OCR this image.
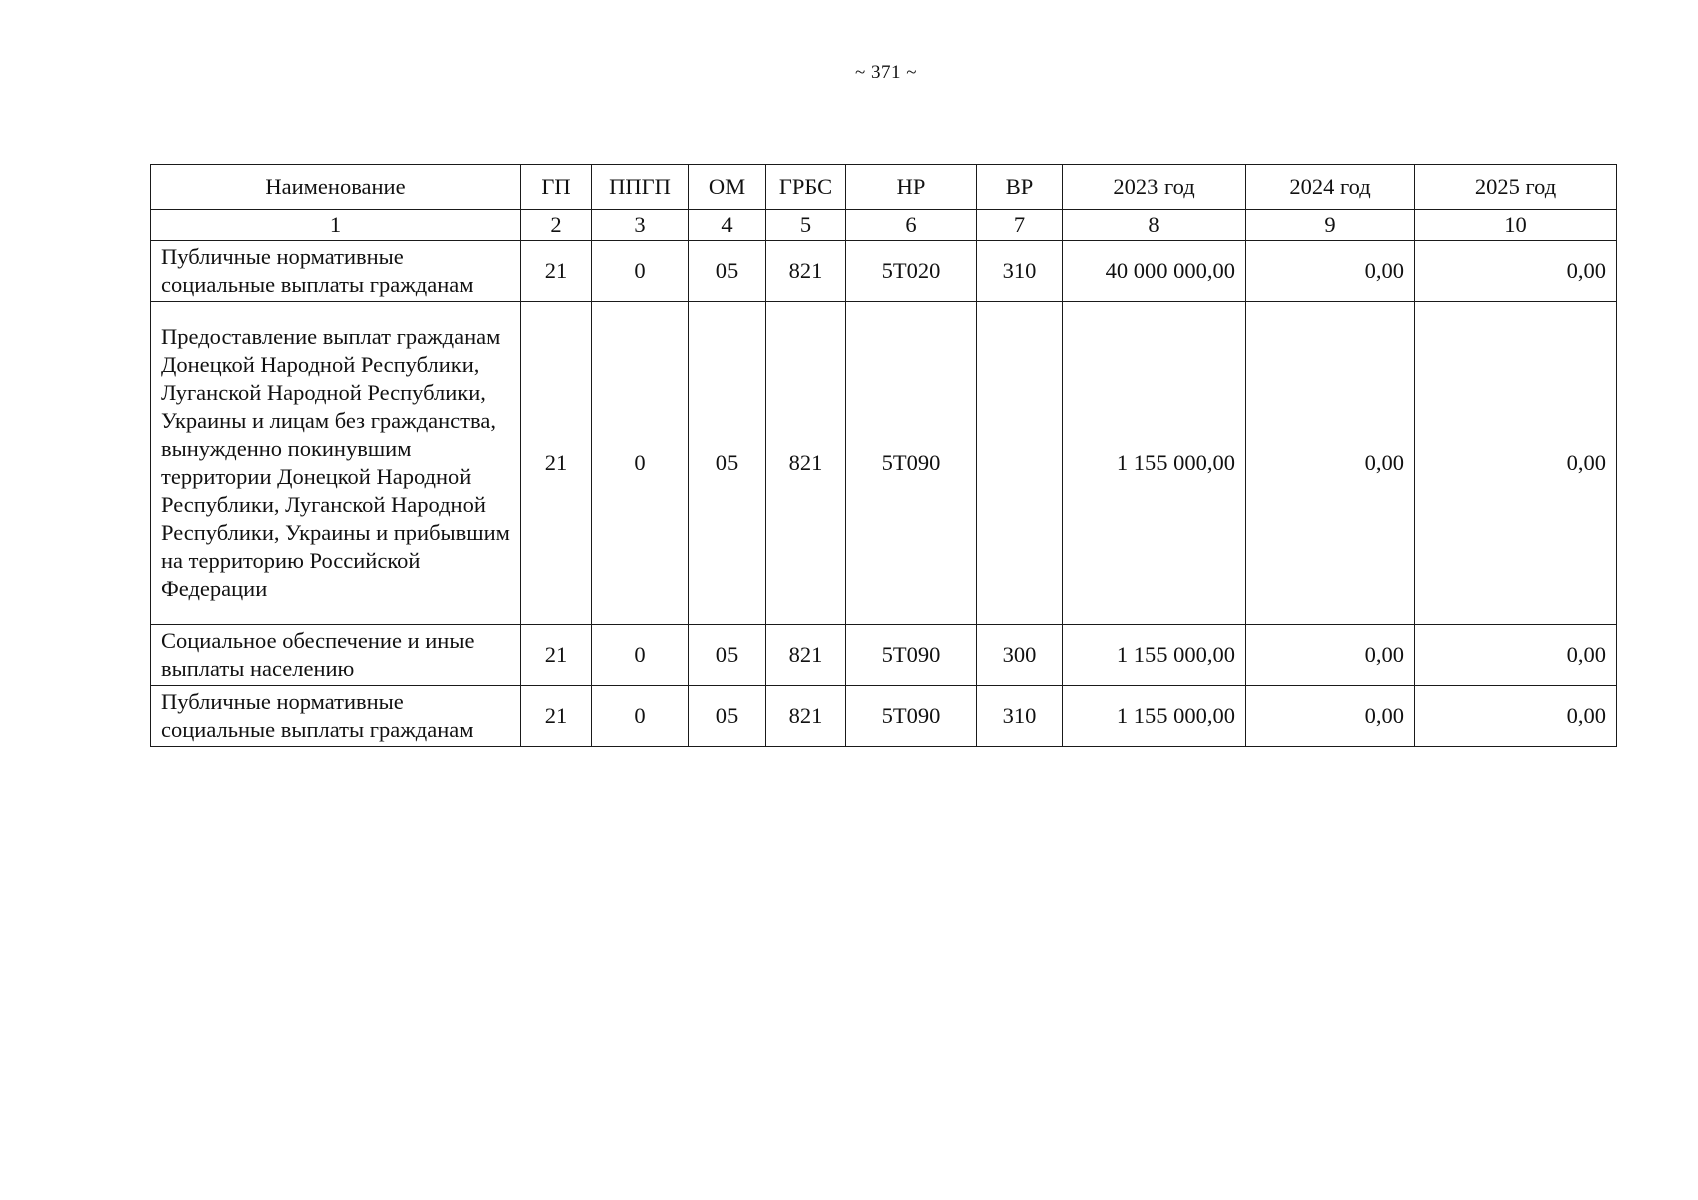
~ 371 ~
Наименование	ГП	ППГП	ОМ	ГРБС	НР	ВР	2023 год	2024 год	2025 год
1	2	3	4	5	6	7	8	9	10
Публичные нормативные социальные выплаты гражданам	21	0	05	821	5Т020	310	40 000 000,00	0,00	0,00
Предоставление выплат гражданам Донецкой Народной Республики, Луганской Народной Республики, Украины и лицам без гражданства, вынужденно покинувшим территории Донецкой Народной Республики, Луганской Народной Республики, Украины и прибывшим на территорию Российской Федерации	21	0	05	821	5Т090		1 155 000,00	0,00	0,00
Социальное обеспечение и иные выплаты населению	21	0	05	821	5Т090	300	1 155 000,00	0,00	0,00
Публичные нормативные социальные выплаты гражданам	21	0	05	821	5Т090	310	1 155 000,00	0,00	0,00
